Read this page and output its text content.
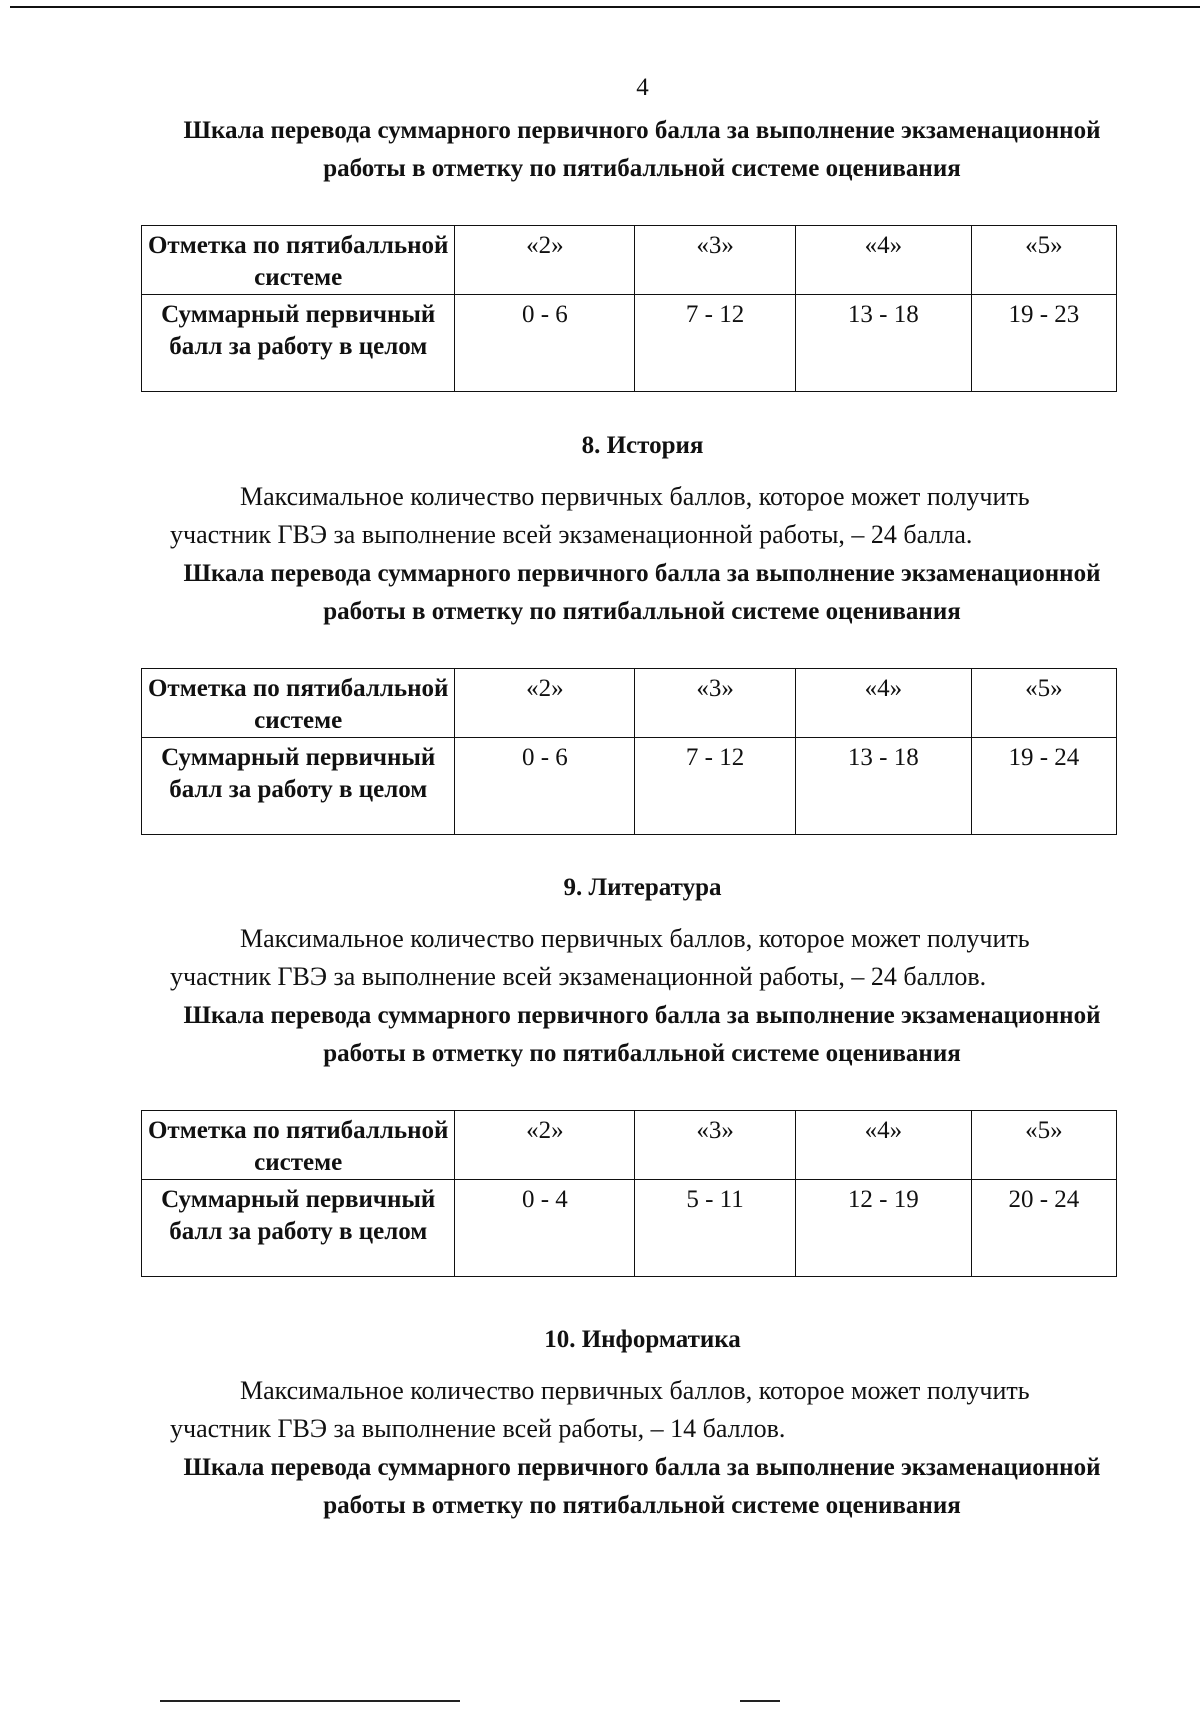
4
Шкала перевода суммарного первичного балла за выполнение экзаменационной работы в отметку по пятибалльной системе оценивания
Отметка по пятибалльной системе	«2»	«3»	«4»	«5»
Суммарный первичный балл за работу в целом	0 - 6	7 - 12	13 - 18	19 - 23
8. История
Максимальное количество первичных баллов, которое может получить участник ГВЭ за выполнение всей экзаменационной работы, – 24 балла.
Шкала перевода суммарного первичного балла за выполнение экзаменационной работы в отметку по пятибалльной системе оценивания
Отметка по пятибалльной системе	«2»	«3»	«4»	«5»
Суммарный первичный балл за работу в целом	0 - 6	7 - 12	13 - 18	19 - 24
9. Литература
Максимальное количество первичных баллов, которое может получить участник ГВЭ за выполнение всей экзаменационной работы, – 24 баллов.
Шкала перевода суммарного первичного балла за выполнение экзаменационной работы в отметку по пятибалльной системе оценивания
Отметка по пятибалльной системе	«2»	«3»	«4»	«5»
Суммарный первичный балл за работу в целом	0 - 4	5 - 11	12 - 19	20 - 24
10. Информатика
Максимальное количество первичных баллов, которое может получить участник ГВЭ за выполнение всей работы, – 14 баллов.
Шкала перевода суммарного первичного балла за выполнение экзаменационной работы в отметку по пятибалльной системе оценивания
